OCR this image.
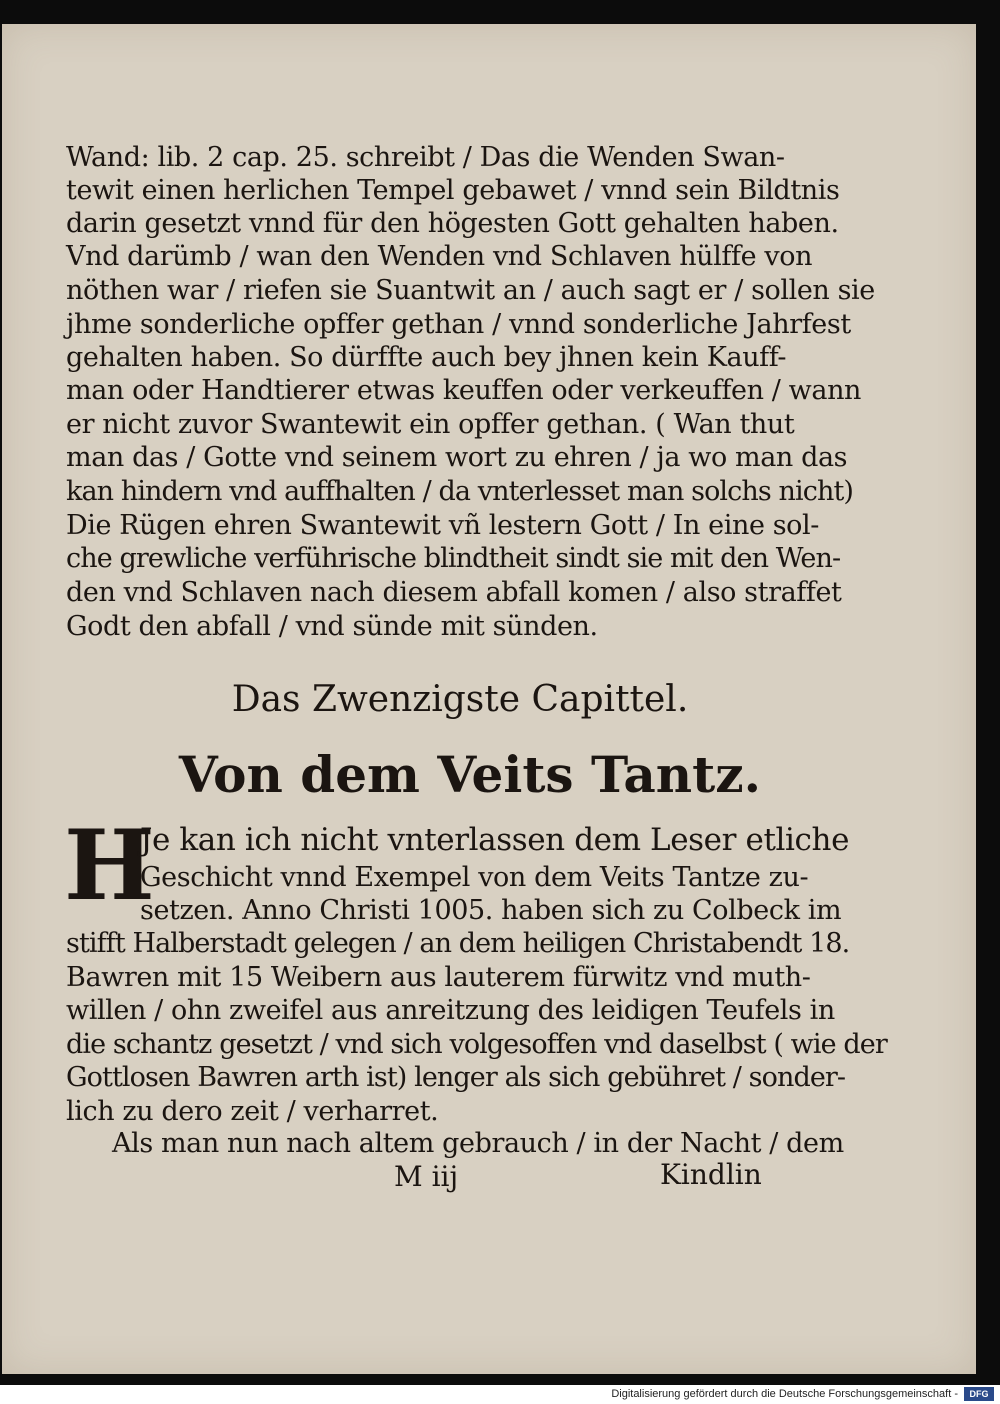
Wand: lib. 2 cap. 25. schreibt / Das die Wenden Swan-
tewit einen herlichen Tempel gebawet / vnnd sein Bildtnis
darin gesetzt vnnd für den högesten Gott gehalten haben.
Vnd darümb / wan den Wenden vnd Schlaven hülffe von
nöthen war / riefen sie Suantwit an / auch sagt er / sollen sie
jhme sonderliche opffer gethan / vnnd sonderliche Jahrfest
gehalten haben. So dürffte auch bey jhnen kein Kauff-
man oder Handtierer etwas keuffen oder verkeuffen / wann
er nicht zuvor Swantewit ein opffer gethan. ( Wan thut
man das / Gotte vnd seinem wort zu ehren / ja wo man das
kan hindern vnd auffhalten / da vnterlesset man solchs nicht)
Die Rügen ehren Swantewit vñ lestern Gott / In eine sol-
che grewliche verführische blindtheit sindt sie mit den Wen-
den vnd Schlaven nach diesem abfall komen / also straffet
Godt den abfall / vnd sünde mit sünden.
Das Zwenzigste Capittel.
Von dem Veits Tantz.
H
Je kan ich nicht vnterlassen dem Leser etliche
Geschicht vnnd Exempel von dem Veits Tantze zu-
setzen. Anno Christi 1005. haben sich zu Colbeck im
stifft Halberstadt gelegen / an dem heiligen Christabendt 18.
Bawren mit 15 Weibern aus lauterem fürwitz vnd muth-
willen / ohn zweifel aus anreitzung des leidigen Teufels in
die schantz gesetzt / vnd sich volgesoffen vnd daselbst ( wie der
Gottlosen Bawren arth ist) lenger als sich gebühret / sonder-
lich zu dero zeit / verharret.
Als man nun nach altem gebrauch / in der Nacht / dem
M iij	Kindlin
Digitalisierung gefördert durch die Deutsche Forschungsgemeinschaft -	DFG
